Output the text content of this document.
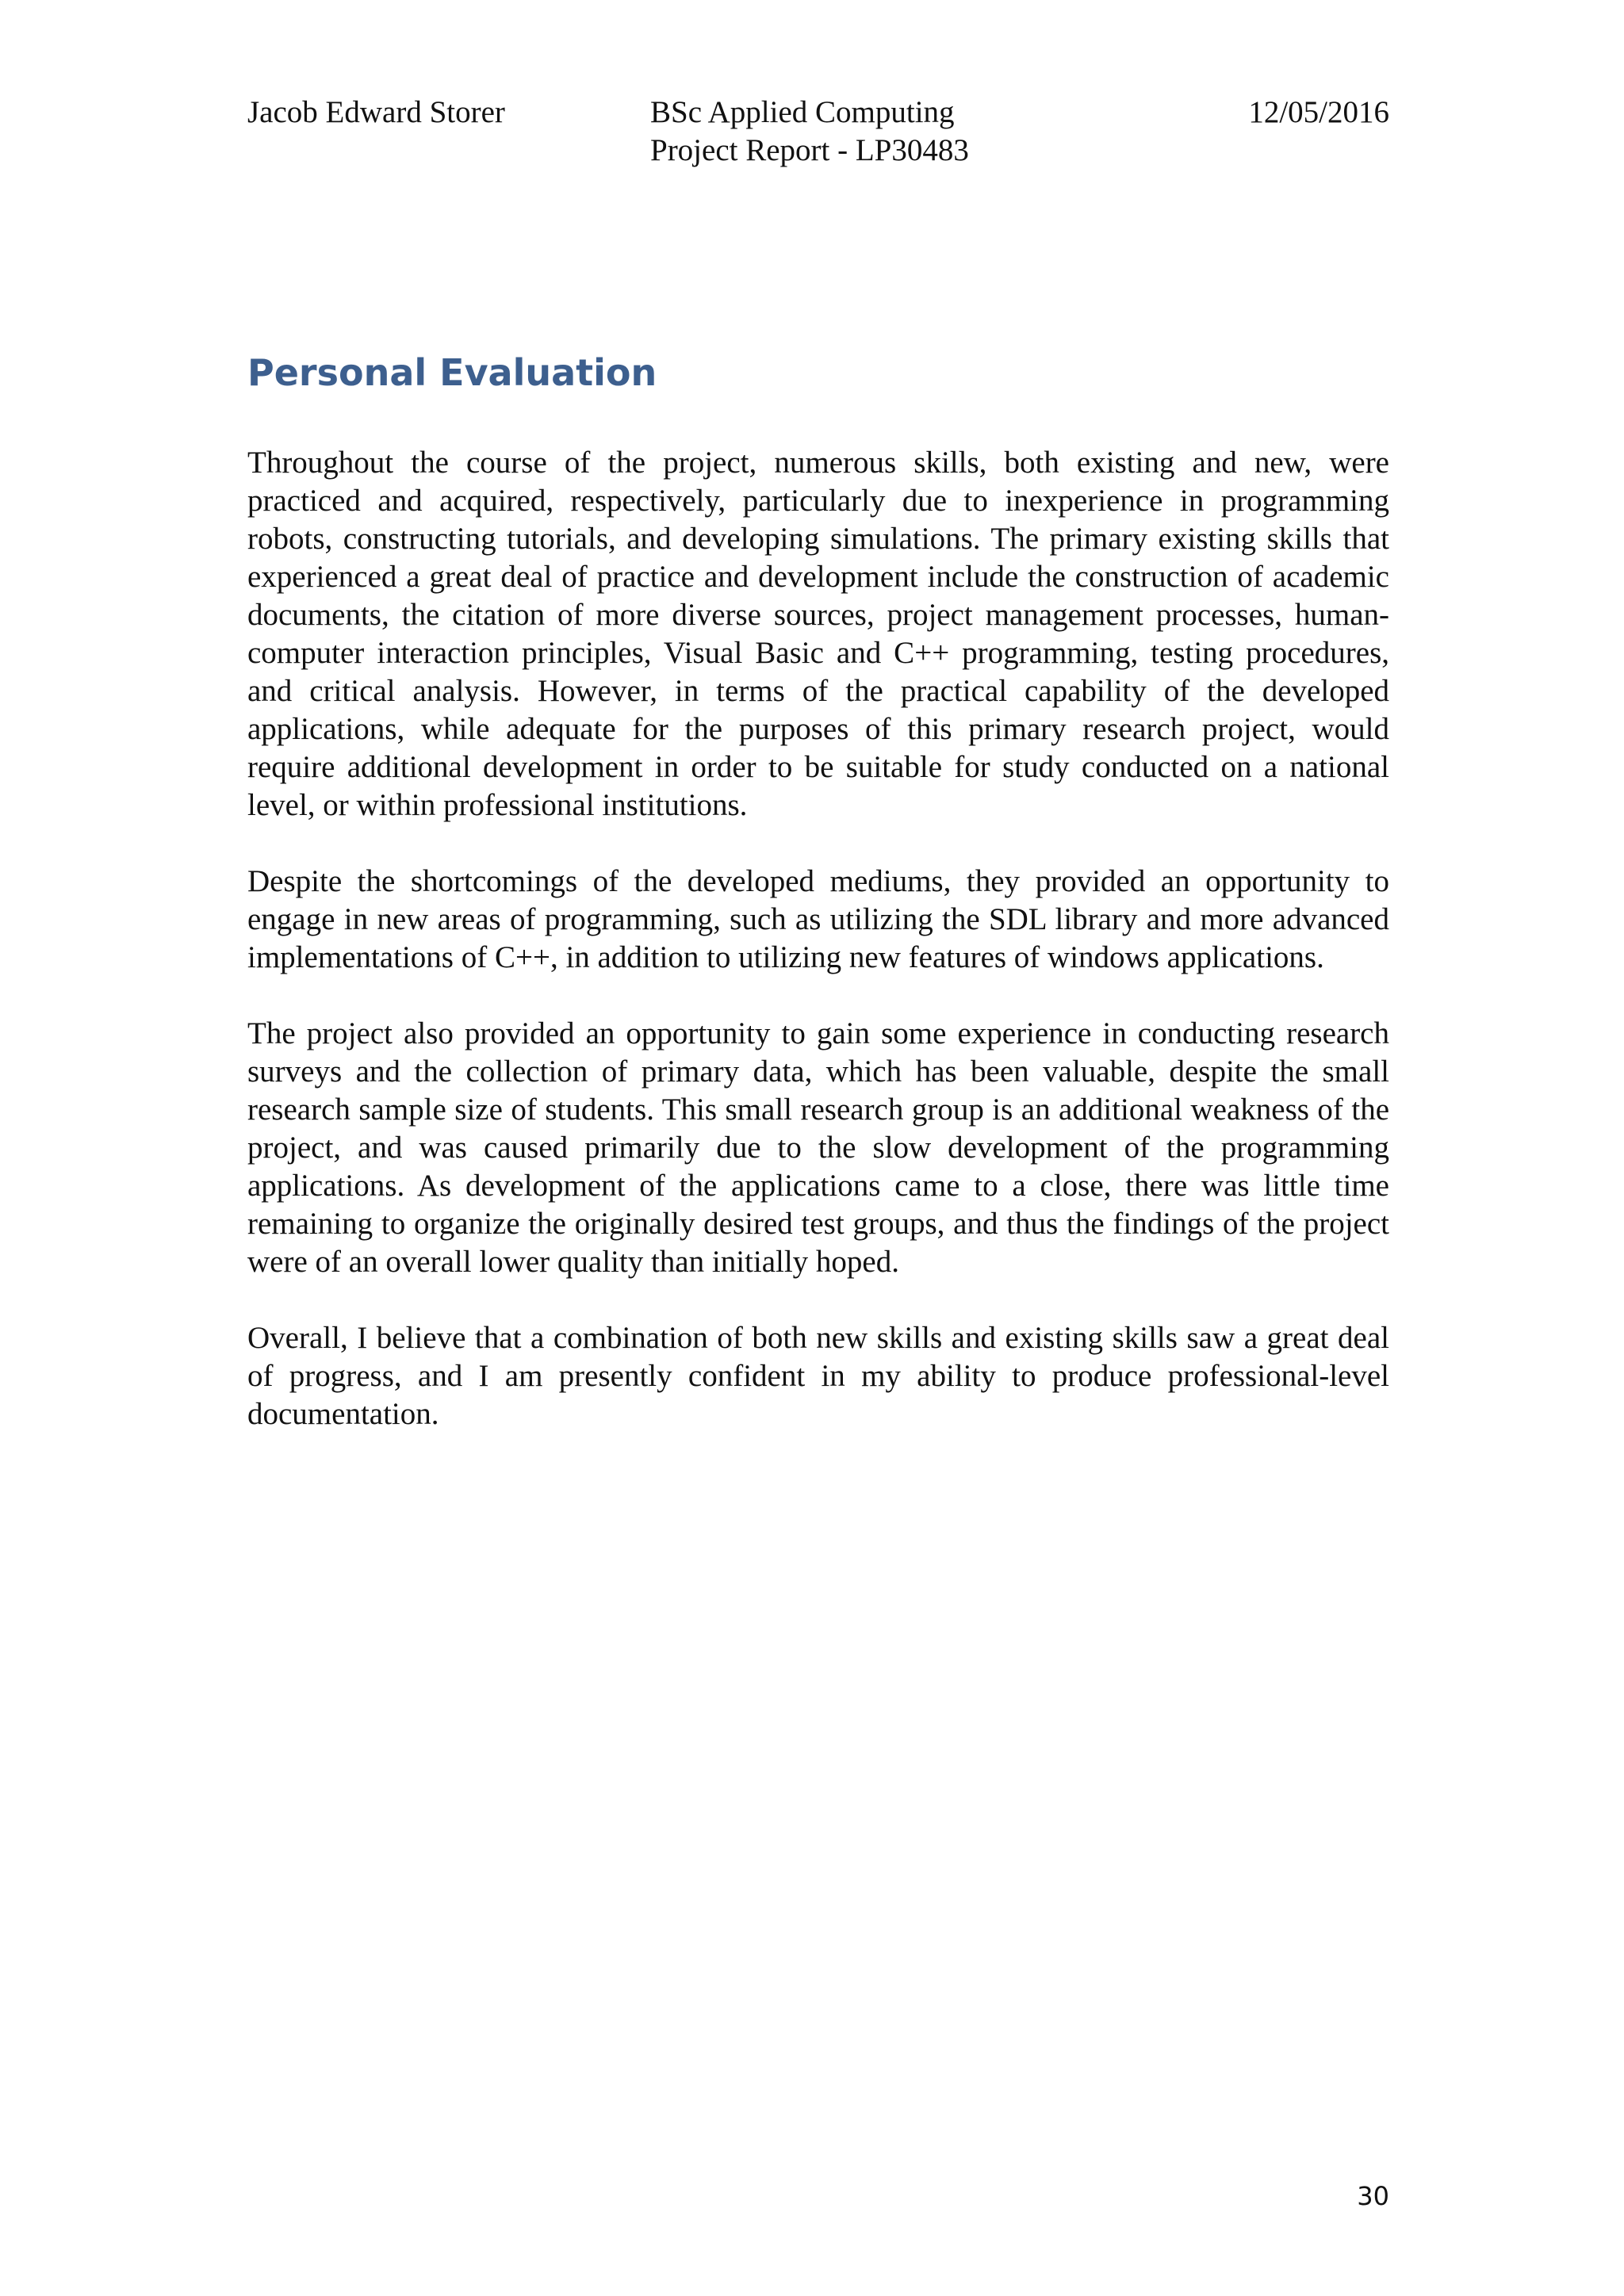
Jacob Edward Storer	BSc Applied Computing
Project Report - LP30483
12/05/2016
Personal Evaluation

Throughout the course of the project, numerous skills, both existing and new, were practiced and acquired, respectively, particularly due to inexperience in programming robots, constructing tutorials, and developing simulations. The primary existing skills that experienced a great deal of practice and development include the construction of academic documents, the citation of more diverse sources, project management processes, human-computer interaction principles, Visual Basic and C++ programming, testing procedures, and critical analysis. However, in terms of the practical capability of the developed applications, while adequate for the purposes of this primary research project, would require additional development in order to be suitable for study conducted on a national level, or within professional institutions.

Despite the shortcomings of the developed mediums, they provided an opportunity to engage in new areas of programming, such as utilizing the SDL library and more advanced implementations of C++, in addition to utilizing new features of windows applications.

The project also provided an opportunity to gain some experience in conducting research surveys and the collection of primary data, which has been valuable, despite the small research sample size of students. This small research group is an additional weakness of the project, and was caused primarily due to the slow development of the programming applications. As development of the applications came to a close, there was little time remaining to organize the originally desired test groups, and thus the findings of the project were of an overall lower quality than initially hoped.

Overall, I believe that a combination of both new skills and existing skills saw a great deal of progress, and I am presently confident in my ability to produce professional-level documentation.

30
